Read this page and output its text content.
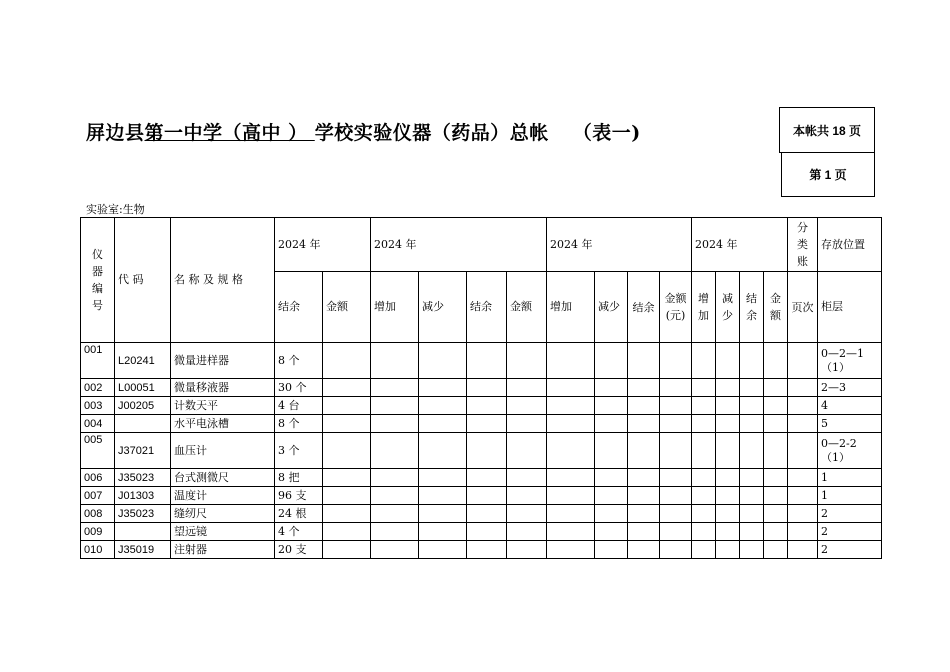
屏边县第一中学（高中 ） 学校实验仪器（药品）总帐 （表一)	本帐共 18 页
第 1 页
实验室:生物
仪
器
编
号	代 码	名 称 及 规 格	2024 年		2024 年				2024 年				2024 年				分
类
账	存放位置
			结余	金额	增加	减少	结余	金额	增加	减少	结余	金额(元)	增加	减少	结余	金额	页次	柜层
001	L20241	微量进样器	8 个															0—2—1（1）
002	L00051	微量移液器	30 个															2—3
003	J00205	计数天平	4 台															4
004		水平电泳槽	8 个															5
005	J37021	血压计	3 个															0—2-2（1）
006	J35023	台式测微尺	8 把															1
007	J01303	温度计	96 支															1
008	J35023	缝纫尺	24 根															2
009		望远镜	4 个															2
010	J35019	注射器	20 支															2
